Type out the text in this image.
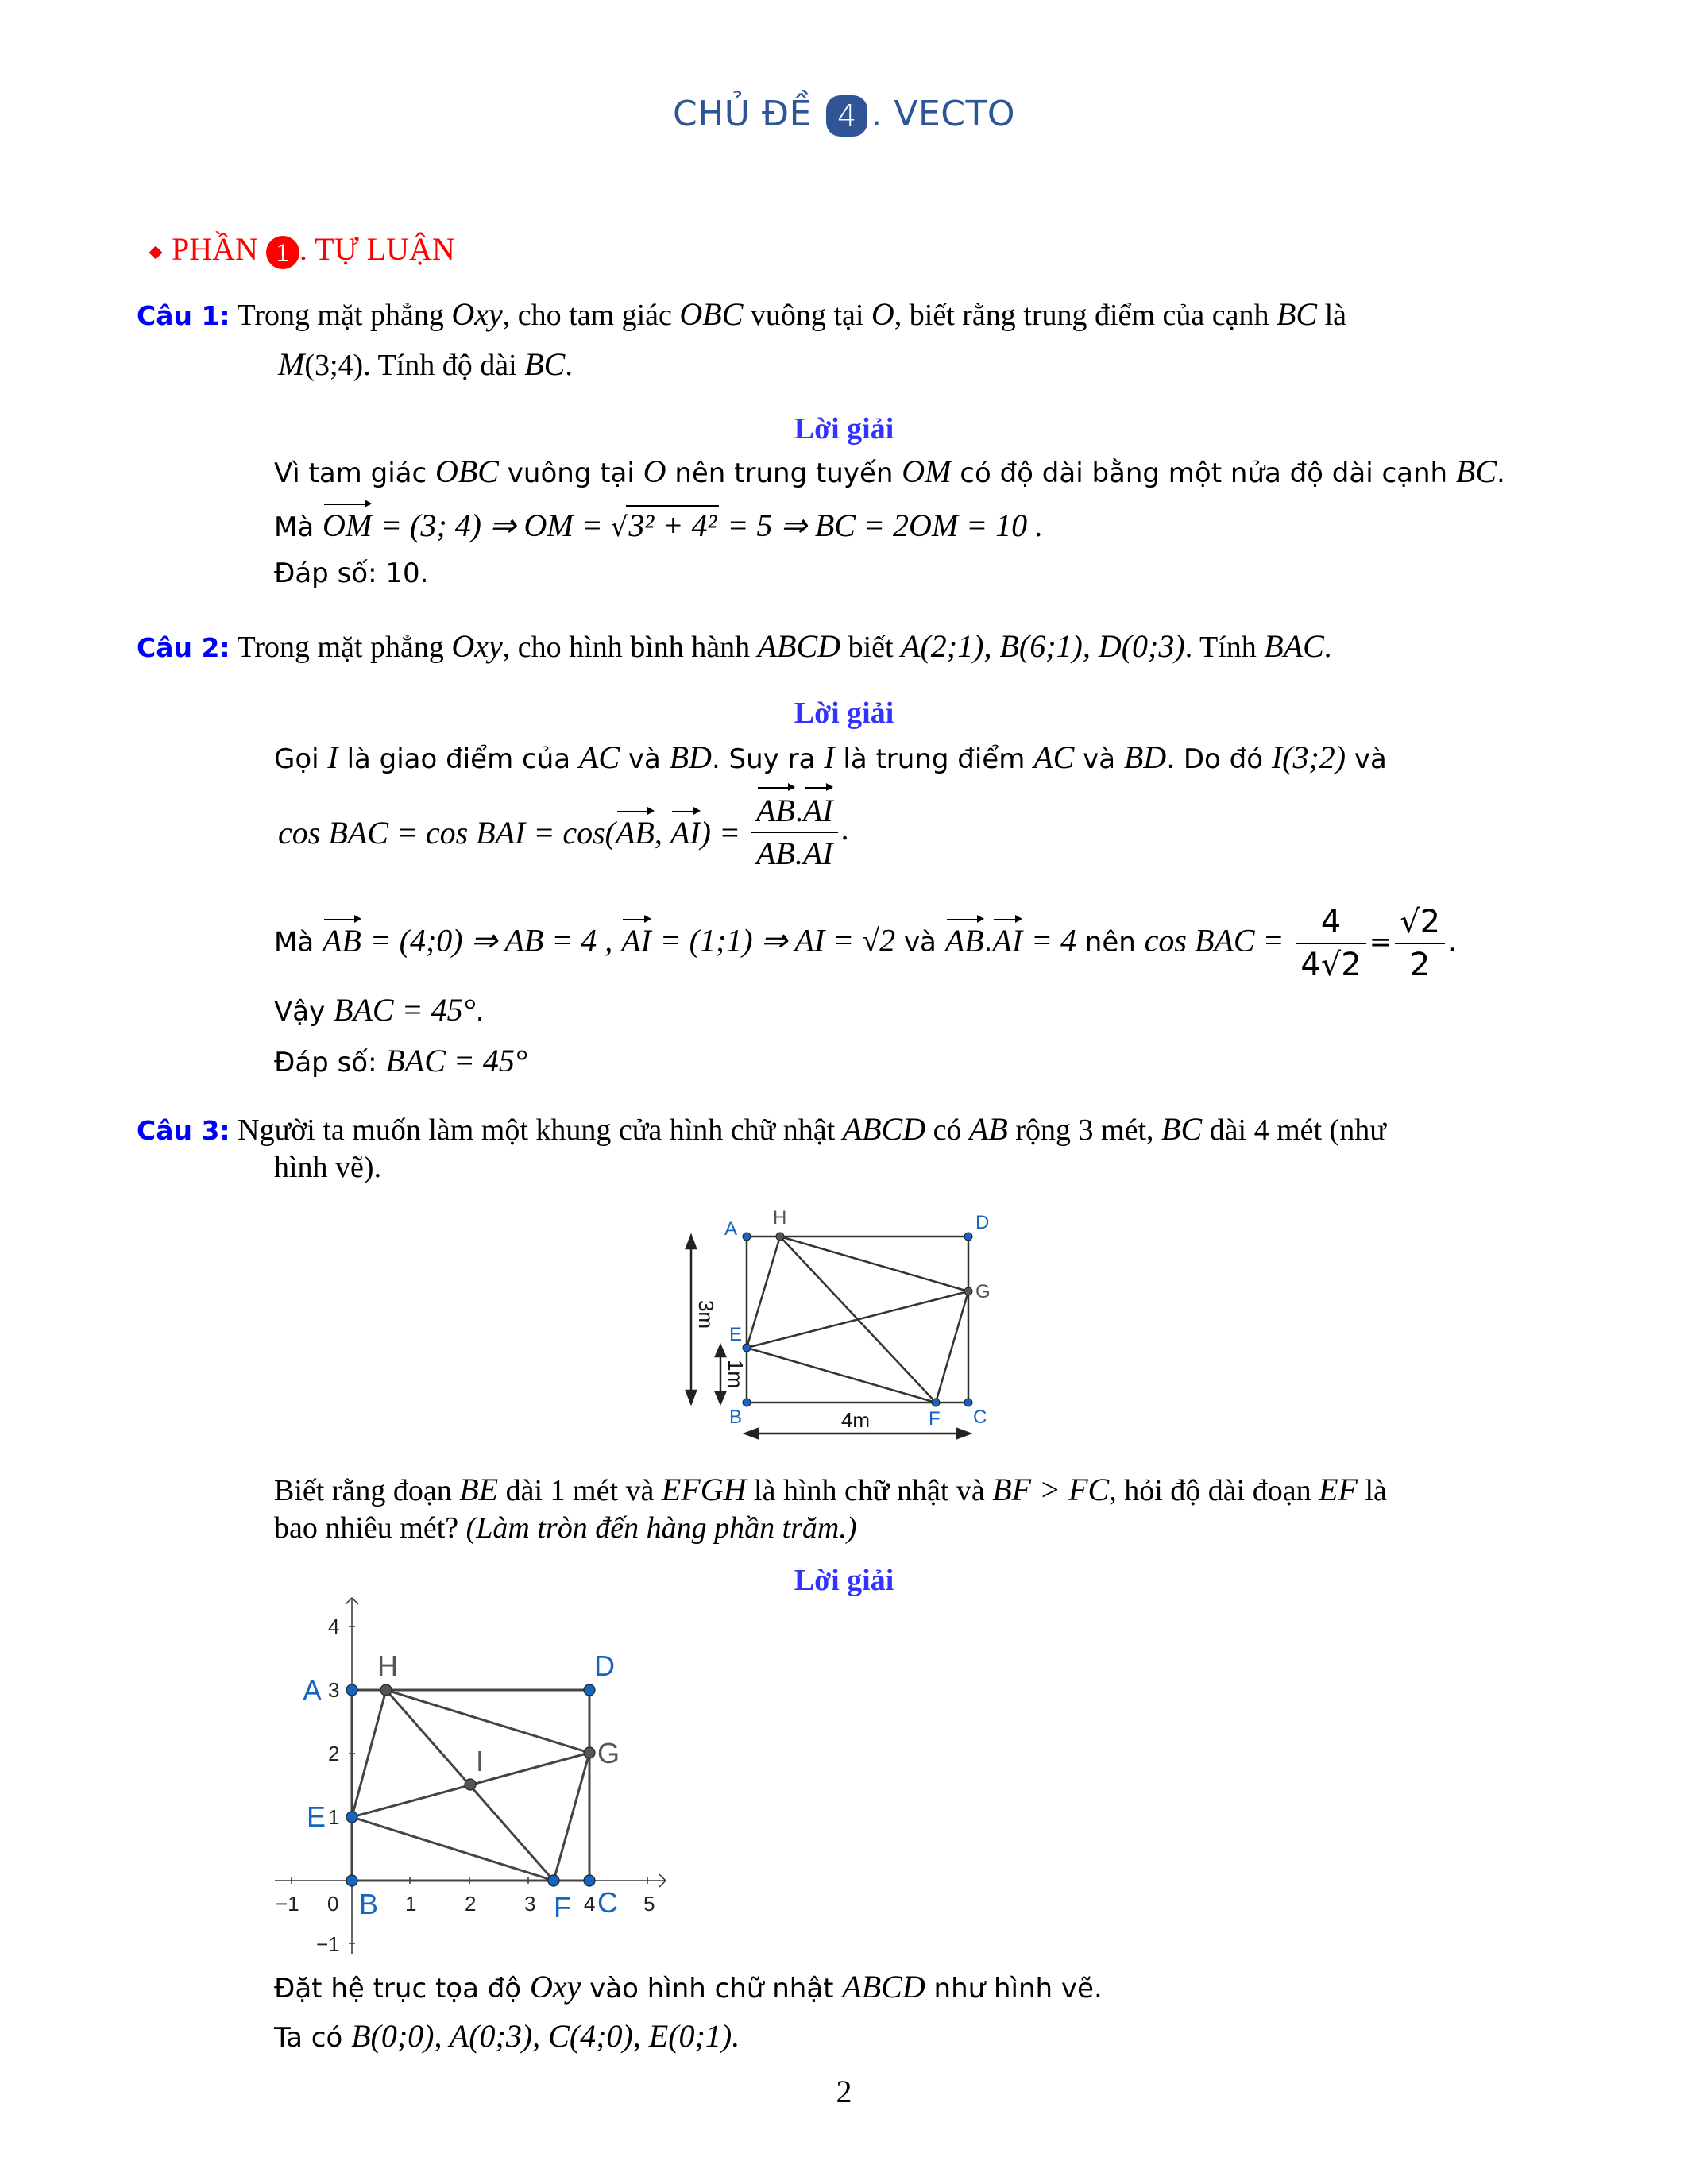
CHỦ ĐỀ 4 . VECTO
PHẦN 1 . TỰ LUẬN
Câu 1: Trong mặt phẳng Oxy, cho tam giác OBC vuông tại O, biết rằng trung điểm của cạnh BC là
M(3;4). Tính độ dài BC.
Lời giải
Vì tam giác OBC vuông tại O nên trung tuyến OM có độ dài bằng một nửa độ dài cạnh BC.
Mà OM = (3; 4) ⇒ OM = √3² + 4² = 5 ⇒ BC = 2OM = 10 .
Đáp số: 10.
Câu 2: Trong mặt phẳng Oxy, cho hình bình hành ABCD biết A(2;1), B(6;1), D(0;3). Tính BAC.
Lời giải
Gọi I là giao điểm của AC và BD. Suy ra I là trung điểm AC và BD. Do đó I(3;2) và
cos BAC = cos BAI = cos(AB, $AI) = \frac{AB.AI}{AB.AI}$ .
Mà AB = (4;0) ⇒ AB = 4 , AI = (1;1) ⇒ AI = √2 và AB.AI = 4 nên cos BAC = $\frac{4}{4√2} = \frac{√2}{2}$ .
Vậy BAC = 45°.
Đáp số: BAC = 45°
Câu 3: Người ta muốn làm một khung cửa hình chữ nhật ABCD có AB rộng 3 mét, BC dài 4 mét (như
hình vẽ).
3m
1m
4m
A
H	D
G
E
B	F C
−1 0	1 2 3 4 5
4
3
2
1
−1
A
H	D
G
I
E
B	F C
Biết rằng đoạn BE dài 1 mét và EFGH là hình chữ nhật và BF > FC, hỏi độ dài đoạn EF là
bao nhiêu mét? (Làm tròn đến hàng phần trăm.)
Lời giải
Đặt hệ trục tọa độ Oxy vào hình chữ nhật ABCD như hình vẽ.
Ta có B(0;0), A(0;3), C(4;0), E(0;1).
2
